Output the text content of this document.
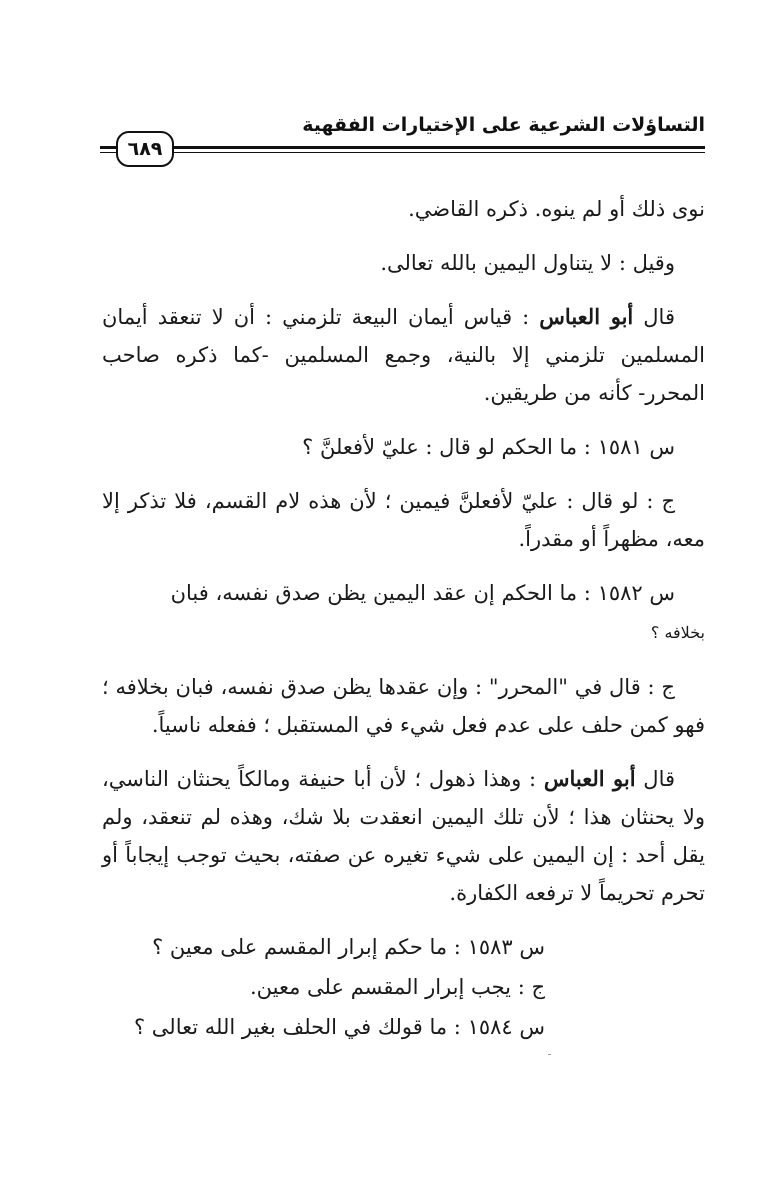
التساؤلات الشرعية على الإختيارات الفقهية
٦٨٩

نوى ذلك أو لم ينوه. ذكره القاضي.

وقيل : لا يتناول اليمين بالله تعالى.

قال أبو العباس : قياس أيمان البيعة تلزمني : أن لا تنعقد أيمان المسلمين تلزمني إلا بالنية، وجمع المسلمين -كما ذكره صاحب المحرر- كأنه من طريقين.

س ١٥٨١ : ما الحكم لو قال : عليّ لأفعلنَّ ؟

ج : لو قال : عليّ لأفعلنَّ فيمين ؛ لأن هذه لام القسم، فلا تذكر إلا معه، مظهراً أو مقدراً.

س ١٥٨٢ : ما الحكم إن عقد اليمين يظن صدق نفسه، فبان
بخلافه ؟

ج : قال في "المحرر" : وإن عقدها يظن صدق نفسه، فبان بخلافه ؛ فهو كمن حلف على عدم فعل شيء في المستقبل ؛ ففعله ناسياً.

قال أبو العباس : وهذا ذهول ؛ لأن أبا حنيفة ومالكاً يحنثان الناسي، ولا يحنثان هذا ؛ لأن تلك اليمين انعقدت بلا شك، وهذه لم تنعقد، ولم يقل أحد : إن اليمين على شيء تغيره عن صفته، بحيث توجب إيجاباً أو تحرم تحريماً لا ترفعه الكفارة.

س ١٥٨٣ : ما حكم إبرار المقسم على معين ؟

ج : يجب إبرار المقسم على معين.

س ١٥٨٤ : ما قولك في الحلف بغير الله تعالى ؟
